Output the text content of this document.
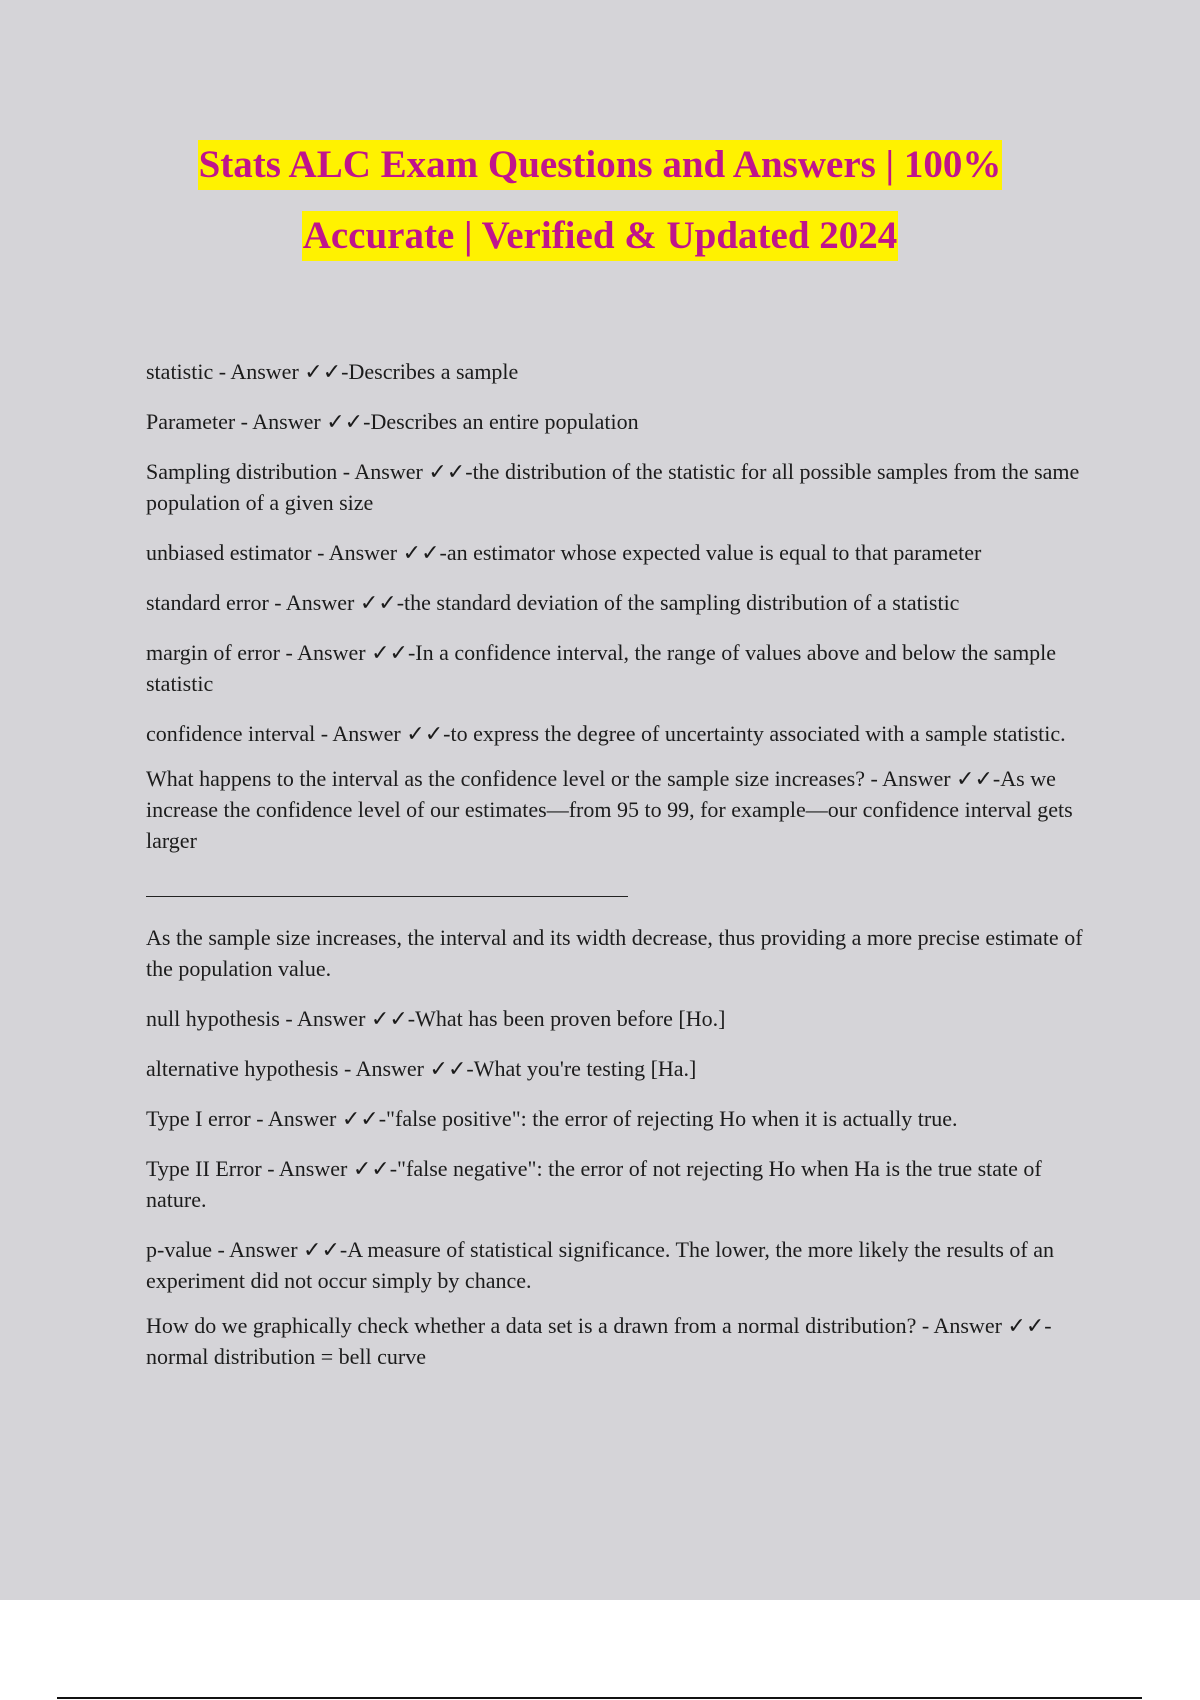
Stats ALC Exam Questions and Answers | 100%
Accurate | Verified & Updated 2024

statistic - Answer ✓✓-Describes a sample

Parameter - Answer ✓✓-Describes an entire population

Sampling distribution - Answer ✓✓-the distribution of the statistic for all possible samples from the same population of a given size

unbiased estimator - Answer ✓✓-an estimator whose expected value is equal to that parameter

standard error - Answer ✓✓-the standard deviation of the sampling distribution of a statistic

margin of error - Answer ✓✓-In a confidence interval, the range of values above and below the sample statistic

confidence interval - Answer ✓✓-to express the degree of uncertainty associated with a sample statistic.

What happens to the interval as the confidence level or the sample size increases? - Answer ✓✓-As we increase the confidence level of our estimates—from 95 to 99, for example—our confidence interval gets larger

As the sample size increases, the interval and its width decrease, thus providing a more precise estimate of the population value.

null hypothesis - Answer ✓✓-What has been proven before [Ho.]

alternative hypothesis - Answer ✓✓-What you're testing [Ha.]

Type I error - Answer ✓✓-"false positive": the error of rejecting Ho when it is actually true.

Type II Error - Answer ✓✓-"false negative": the error of not rejecting Ho when Ha is the true state of nature.

p-value - Answer ✓✓-A measure of statistical significance. The lower, the more likely the results of an experiment did not occur simply by chance.

How do we graphically check whether a data set is a drawn from a normal distribution? - Answer ✓✓-normal distribution = bell curve
